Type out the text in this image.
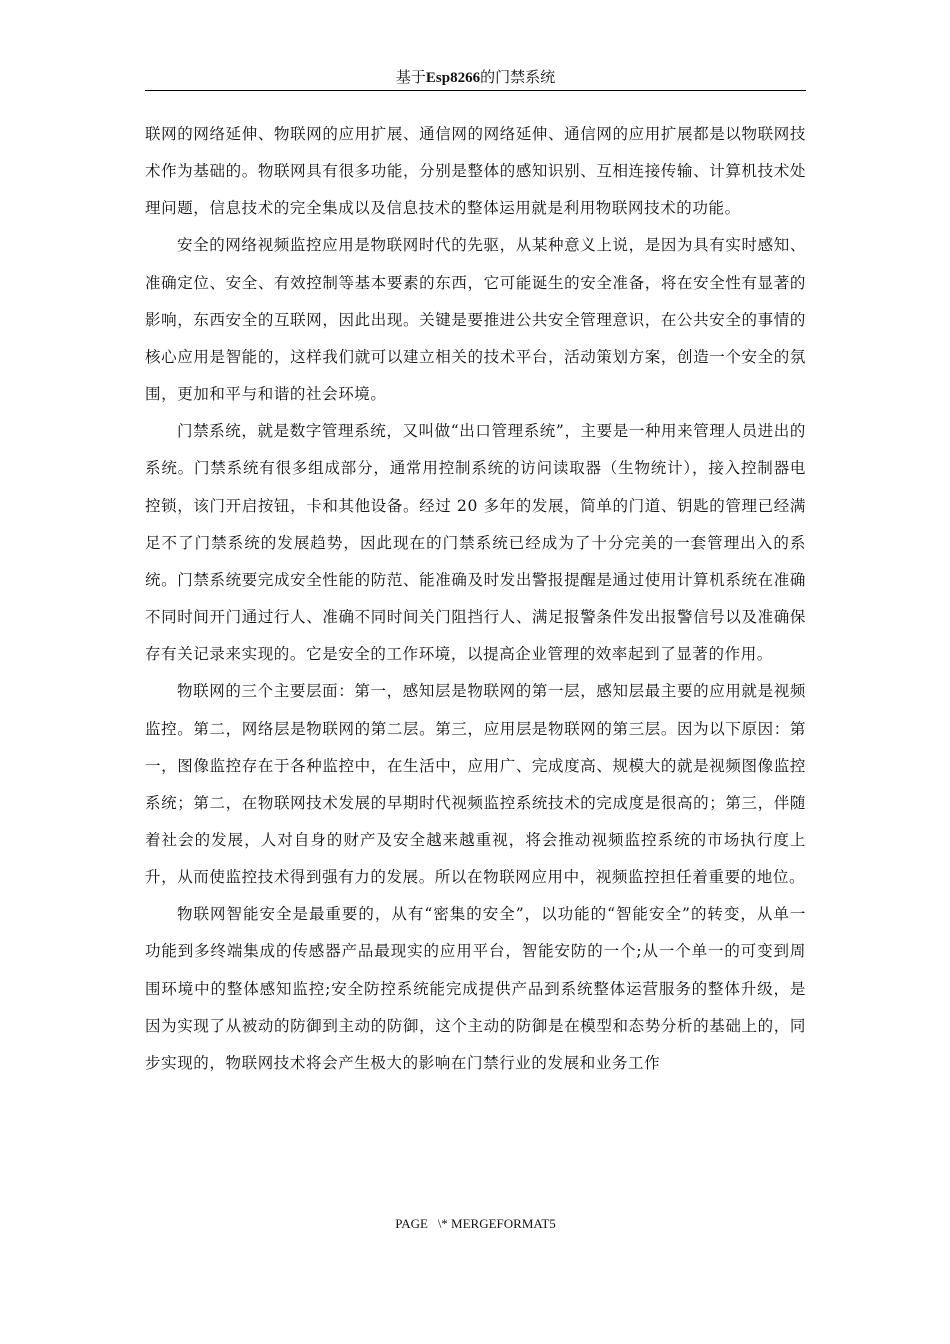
基于Esp8266的门禁系统

联网的网络延伸、物联网的应用扩展、通信网的网络延伸、通信网的应用扩展都是以物联网技术作为基础的。物联网具有很多功能，分别是整体的感知识别、互相连接传输、计算机技术处理问题，信息技术的完全集成以及信息技术的整体运用就是利用物联网技术的功能。

安全的网络视频监控应用是物联网时代的先驱，从某种意义上说，是因为具有实时感知、准确定位、安全、有效控制等基本要素的东西，它可能诞生的安全准备，将在安全性有显著的影响，东西安全的互联网，因此出现。关键是要推进公共安全管理意识，在公共安全的事情的核心应用是智能的，这样我们就可以建立相关的技术平台，活动策划方案，创造一个安全的氛围，更加和平与和谐的社会环境。

门禁系统，就是数字管理系统，又叫做“出口管理系统”，主要是一种用来管理人员进出的系统。门禁系统有很多组成部分，通常用控制系统的访问读取器（生物统计），接入控制器电控锁，该门开启按钮，卡和其他设备。经过 20 多年的发展，简单的门道、钥匙的管理已经满足不了门禁系统的发展趋势，因此现在的门禁系统已经成为了十分完美的一套管理出入的系统。门禁系统要完成安全性能的防范、能准确及时发出警报提醒是通过使用计算机系统在准确不同时间开门通过行人、准确不同时间关门阻挡行人、满足报警条件发出报警信号以及准确保存有关记录来实现的。它是安全的工作环境，以提高企业管理的效率起到了显著的作用。

物联网的三个主要层面：第一，感知层是物联网的第一层，感知层最主要的应用就是视频监控。第二，网络层是物联网的第二层。第三，应用层是物联网的第三层。因为以下原因：第一，图像监控存在于各种监控中，在生活中，应用广、完成度高、规模大的就是视频图像监控系统；第二，在物联网技术发展的早期时代视频监控系统技术的完成度是很高的；第三，伴随着社会的发展，人对自身的财产及安全越来越重视，将会推动视频监控系统的市场执行度上升，从而使监控技术得到强有力的发展。所以在物联网应用中，视频监控担任着重要的地位。

物联网智能安全是最重要的，从有“密集的安全”，以功能的“智能安全”的转变，从单一功能到多终端集成的传感器产品最现实的应用平台，智能安防的一个;从一个单一的可变到周围环境中的整体感知监控;安全防控系统能完成提供产品到系统整体运营服务的整体升级，是因为实现了从被动的防御到主动的防御，这个主动的防御是在模型和态势分析的基础上的，同步实现的，物联网技术将会产生极大的影响在门禁行业的发展和业务工作

PAGE   \* MERGEFORMAT5
